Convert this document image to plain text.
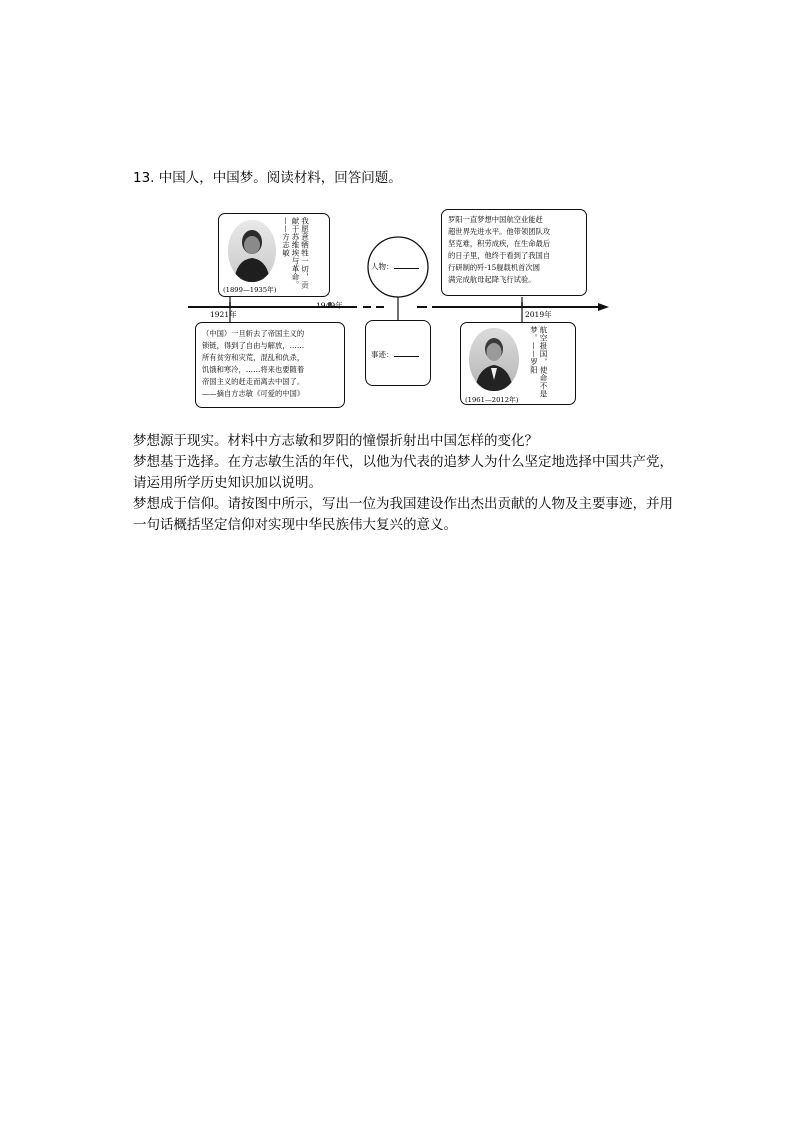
13. 中国人，中国梦。阅读材料，回答问题。
我愿意牺牲一切，贡献于苏维埃与革命。——方志敏
(1899—1935年)
1921年
1949年
2019年
（中国）一旦斩去了帝国主义的
锁链，得到了自由与解放，……
所有贫穷和灾荒，混乱和仇杀，
饥饿和寒冷，……将来也要随着
帝国主义的赶走而离去中国了。
——摘自方志敏《可爱的中国》
人物：
事迹：
罗阳一直梦想中国航空业能赶
超世界先进水平。他带领团队攻
坚克难，积劳成疾，在生命最后
的日子里，他终于看到了我国自
行研制的歼-15舰载机首次圆
满完成航母起降飞行试验。
航空报国，使命不是梦。——罗阳
(1961—2012年)
梦想源于现实。材料中方志敏和罗阳的憧憬折射出中国怎样的变化？
梦想基于选择。在方志敏生活的年代，以他为代表的追梦人为什么坚定地选择中国共产党，请运用所学历史知识加以说明。
梦想成于信仰。请按图中所示，写出一位为我国建设作出杰出贡献的人物及主要事迹，并用一句话概括坚定信仰对实现中华民族伟大复兴的意义。
